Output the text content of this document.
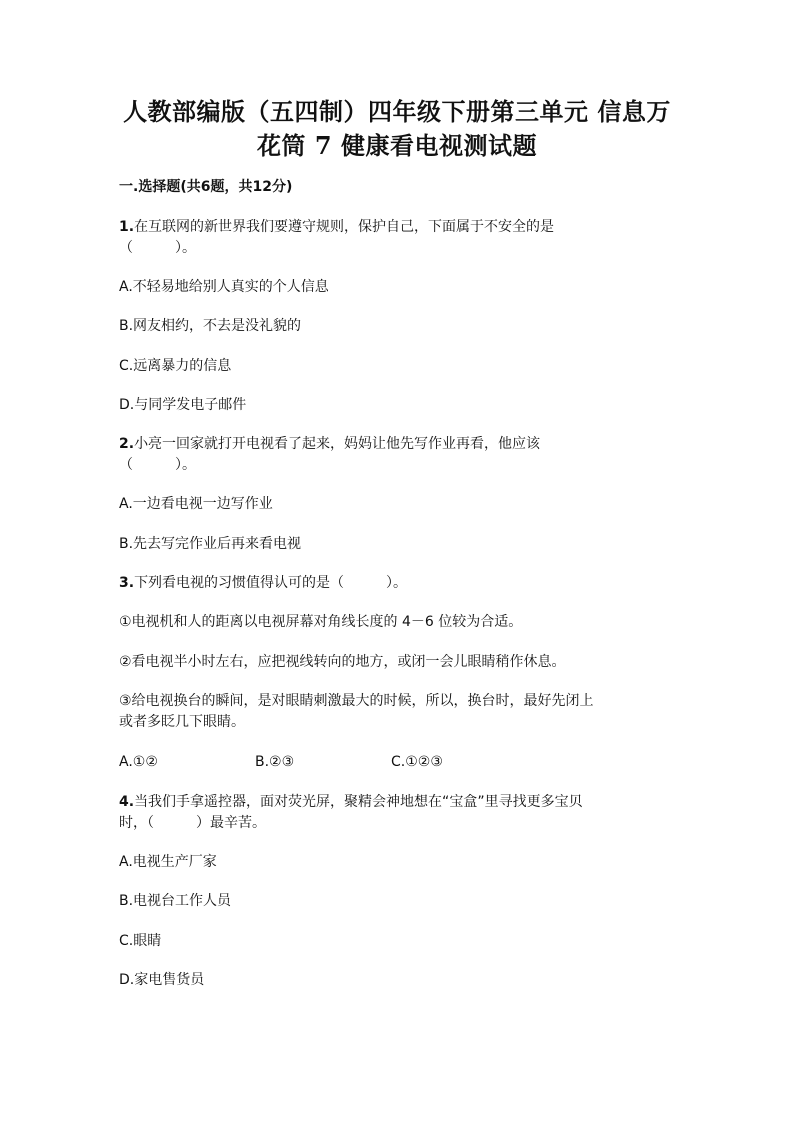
人教部编版（五四制）四年级下册第三单元 信息万
花筒 7 健康看电视测试题
一.选择题(共6题，共12分)
1.在互联网的新世界我们要遵守规则，保护自己，下面属于不安全的是
（　　　）。
A.不轻易地给别人真实的个人信息
B.网友相约，不去是没礼貌的
C.远离暴力的信息
D.与同学发电子邮件
2.小亮一回家就打开电视看了起来，妈妈让他先写作业再看，他应该
（　　　）。
A.一边看电视一边写作业
B.先去写完作业后再来看电视
3.下列看电视的习惯值得认可的是（　　　）。
①电视机和人的距离以电视屏幕对角线长度的 4－6 位较为合适。
②看电视半小时左右，应把视线转向的地方，或闭一会儿眼睛稍作休息。
③给电视换台的瞬间，是对眼睛刺激最大的时候，所以，换台时，最好先闭上
或者多眨几下眼睛。
A.①②	B.②③	C.①②③
4.当我们手拿遥控器，面对荧光屏，聚精会神地想在“宝盒”里寻找更多宝贝
时，（　　　）最辛苦。
A.电视生产厂家
B.电视台工作人员
C.眼睛
D.家电售货员
